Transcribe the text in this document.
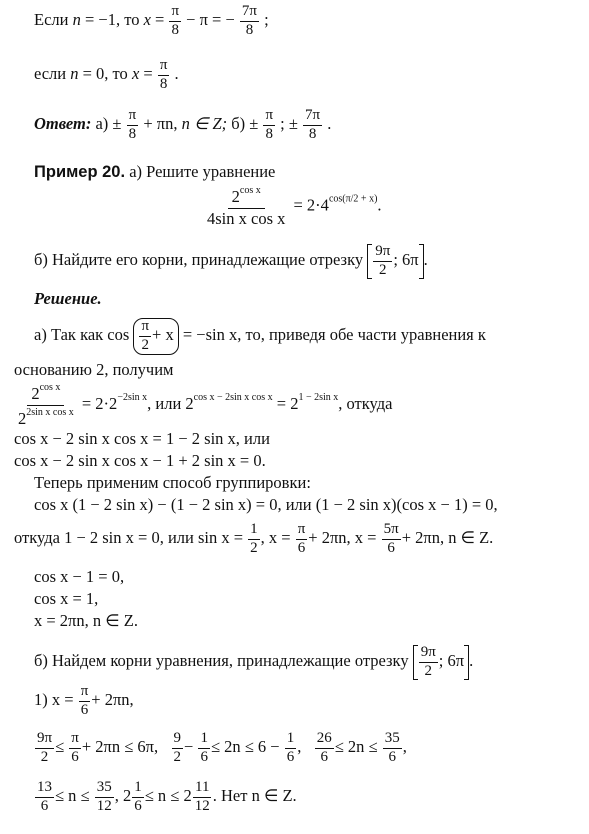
Если n = −1, то $x = \frac{\pi}{8} - \pi$ = − $\frac{7\pi}{8}$ ;
если n = 0, то $x = \frac{\pi}{8}$ .
Ответ: $а) \pm \frac{\pi}{8} + \pi n$, n ∈ Z; $б) \pm \frac{\pi}{8}$ ; ± $\frac{7\pi}{8}$ .
Пример 20. а) Решите уравнение
$\frac{2^{cos x}}{\text{4sin x cos x}} = 2\cdot 4^{cos(\pi/2 + x)}$.
б) Найдите его корни, принадлежащие отрезку $\frac{9\pi}{2}$ ; 6π .
Решение.
а) Так как $\cos \frac{\pi}{2} + x = -\sin$ x, то, приведя обе части уравнения к
основанию 2, получим
$\frac{2^{cos x}}{2^{2sin x cos x}} = 2\cdot 2^{-2sin x}$, или $2^{cos x - 2sin x cos x} = 2^{1 - 2sin x}$, откуда
cos x − 2 sin x cos x = 1 − 2 sin x, или
cos x − 2 sin x cos x − 1 + 2 sin x = 0.
Теперь применим способ группировки:
cos x (1 − 2 sin x) − (1 − 2 sin x) = 0, или (1 − 2 sin x)(cos x − 1) = 0,
откуда 1 − 2 sin x = 0, или $\sin x = \frac{1}{2}$ , $x = \frac{\pi}{6} + 2\pi n$, $x = \frac{5\pi}{6} + 2\pi n$, n ∈ Z.
cos x − 1 = 0,
cos x = 1,
x = 2πn, n ∈ Z.
б) Найдем корни уравнения, принадлежащие отрезку $\frac{9\pi}{2}$ ; 6π .
1) $x = \frac{\pi}{6} + 2\pi n$,
$\frac{9\pi}{2} \le \frac{\pi}{6} + 2\pi n \le 6\pi$, $\frac{9}{2} - \frac{1}{6} \le 2n \le 6 - \frac{1}{6}$ , $\frac{26}{6} \le 2n \le \frac{35}{6}$ ,
$\frac{13}{6} \le n \le \frac{35}{12}$ , $2 \frac{1}{6} \le n \le 2 \frac{11}{12}$ . Нет n ∈ Z.
